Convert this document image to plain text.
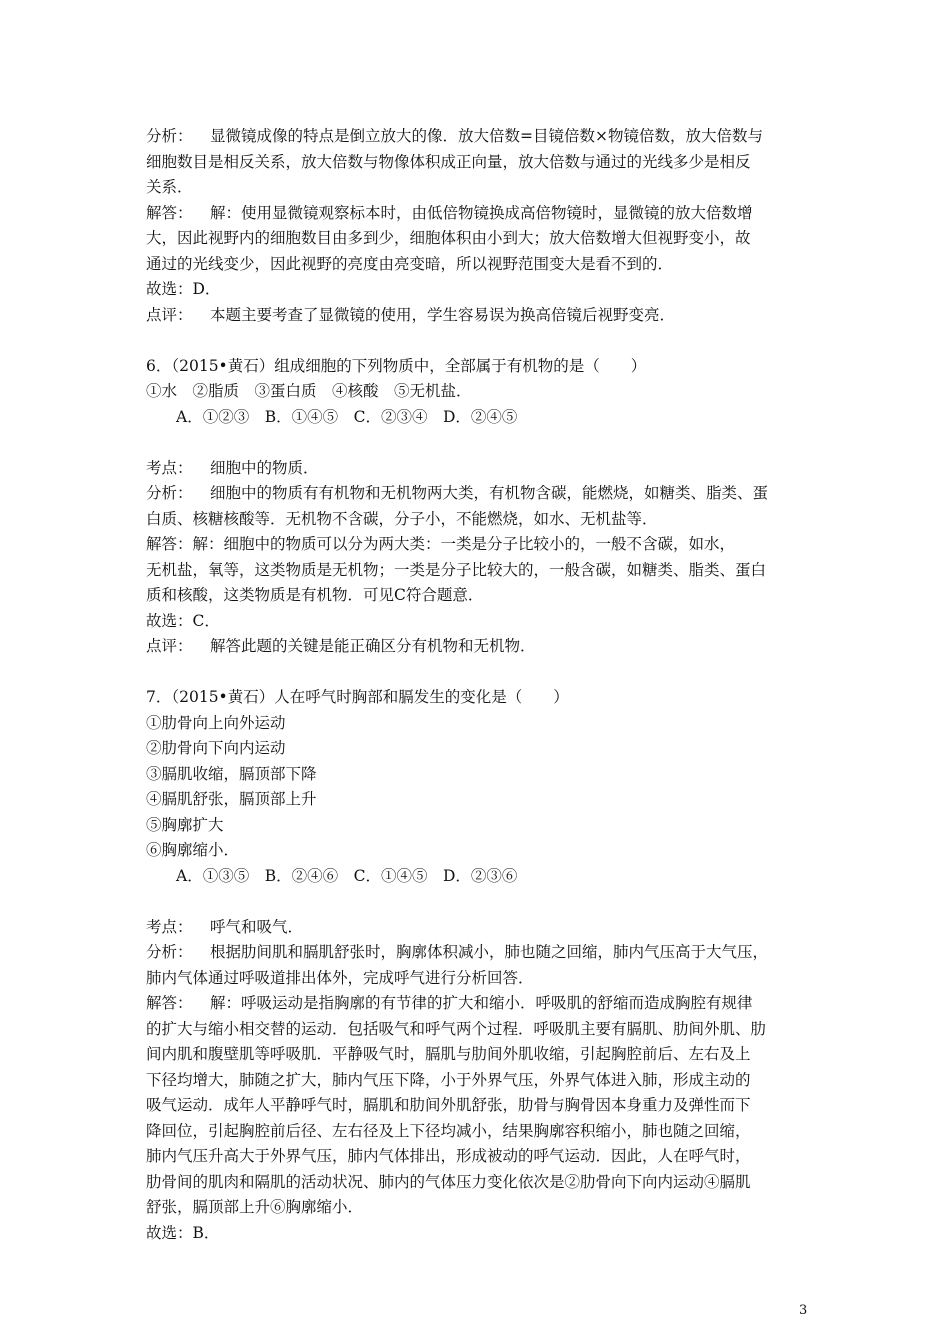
分析： 显微镜成像的特点是倒立放大的像．放大倍数=目镜倍数×物镜倍数，放大倍数与
细胞数目是相反关系，放大倍数与物像体积成正向量，放大倍数与通过的光线多少是相反
关系．
解答： 解：使用显微镜观察标本时，由低倍物镜换成高倍物镜时，显微镜的放大倍数增
大，因此视野内的细胞数目由多到少，细胞体积由小到大；放大倍数增大但视野变小，故
通过的光线变少，因此视野的亮度由亮变暗，所以视野范围变大是看不到的．
故选：D．
点评： 本题主要考查了显微镜的使用，学生容易误为换高倍镜后视野变亮．
6．（2015•黄石）组成细胞的下列物质中，全部属于有机物的是（　　）
①水　②脂质　③蛋白质　④核酸　⑤无机盐．
A．①②③　B．①④⑤　C．②③④　D．②④⑤
考点： 细胞中的物质．
分析： 细胞中的物质有有机物和无机物两大类，有机物含碳，能燃烧，如糖类、脂类、蛋
白质、核糖核酸等．无机物不含碳，分子小，不能燃烧，如水、无机盐等．
解答：解：细胞中的物质可以分为两大类：一类是分子比较小的，一般不含碳，如水，
无机盐，氧等，这类物质是无机物；一类是分子比较大的，一般含碳，如糖类、脂类、蛋白
质和核酸，这类物质是有机物．可见C符合题意．
故选：C．
点评： 解答此题的关键是能正确区分有机物和无机物．
7．（2015•黄石）人在呼气时胸部和膈发生的变化是（　　）
①肋骨向上向外运动
②肋骨向下向内运动
③膈肌收缩，膈顶部下降
④膈肌舒张，膈顶部上升
⑤胸廓扩大
⑥胸廓缩小．
A．①③⑤　B．②④⑥　C．①④⑤　D．②③⑥
考点： 呼气和吸气．
分析： 根据肋间肌和膈肌舒张时，胸廓体积减小，肺也随之回缩，肺内气压高于大气压，
肺内气体通过呼吸道排出体外，完成呼气进行分析回答．
解答： 解：呼吸运动是指胸廓的有节律的扩大和缩小．呼吸肌的舒缩而造成胸腔有规律
的扩大与缩小相交替的运动．包括吸气和呼气两个过程．呼吸肌主要有膈肌、肋间外肌、肋
间内肌和腹壁肌等呼吸肌．平静吸气时，膈肌与肋间外肌收缩，引起胸腔前后、左右及上
下径均增大，肺随之扩大，肺内气压下降，小于外界气压，外界气体进入肺，形成主动的
吸气运动．成年人平静呼气时，膈肌和肋间外肌舒张，肋骨与胸骨因本身重力及弹性而下
降回位，引起胸腔前后径、左右径及上下径均减小，结果胸廓容积缩小，肺也随之回缩，
肺内气压升高大于外界气压，肺内气体排出，形成被动的呼气运动．因此，人在呼气时，
肋骨间的肌肉和隔肌的活动状况、肺内的气体压力变化依次是②肋骨向下向内运动④膈肌
舒张，膈顶部上升⑥胸廓缩小．
故选：B．
3
